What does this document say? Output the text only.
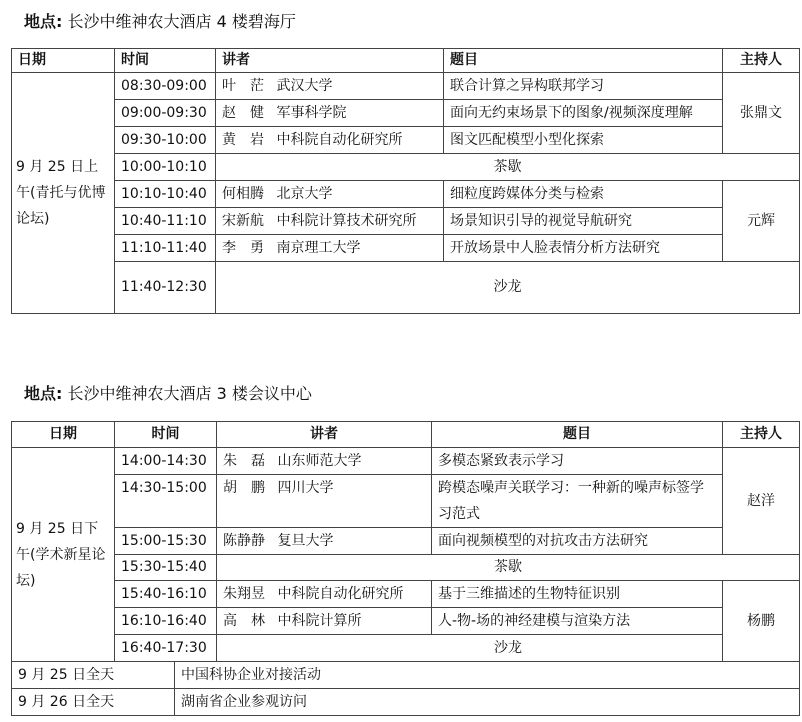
地点: 长沙中维神农大酒店 4 楼碧海厅
日期	时间	讲者	题目	主持人	
9 月 25 日上午(青托与优博论坛)	08:30-09:00	叶　茫 武汉大学	联合计算之异构联邦学习	张鼎文	
	09:00-09:30	赵　健 军事科学院	面向无约束场景下的图象/视频深度理解		
	09:30-10:00	黄　岩 中科院自动化研究所	图文匹配模型小型化探索		
	10:00-10:10	茶歇			
	10:10-10:40	何相腾 北京大学	细粒度跨媒体分类与检索	元辉	
	10:40-11:10	宋新航 中科院计算技术研究所	场景知识引导的视觉导航研究		
	11:10-11:40	李　勇 南京理工大学	开放场景中人脸表情分析方法研究		
	11:40-12:30	沙龙	
地点: 长沙中维神农大酒店 3 楼会议中心
日期	时间		讲者	题目	主持人
9 月 25 日下午(学术新星论坛)	14:00-14:30		朱　磊 山东师范大学	多模态紧致表示学习	赵洋
	14:30-15:00		胡　鹏 四川大学	跨模态噪声关联学习：一种新的噪声标签学习范式	
	15:00-15:30		陈静静 复旦大学	面向视频模型的对抗攻击方法研究	
	15:30-15:40		茶歇		
	15:40-16:10		朱翔昱 中科院自动化研究所	基于三维描述的生物特征识别	杨鹏
	16:10-16:40		高　林 中科院计算所	人-物-场的神经建模与渲染方法	
	16:40-17:30		沙龙		
9 月 25 日全天		中国科协企业对接活动			
9 月 26 日全天		湖南省企业参观访问			
